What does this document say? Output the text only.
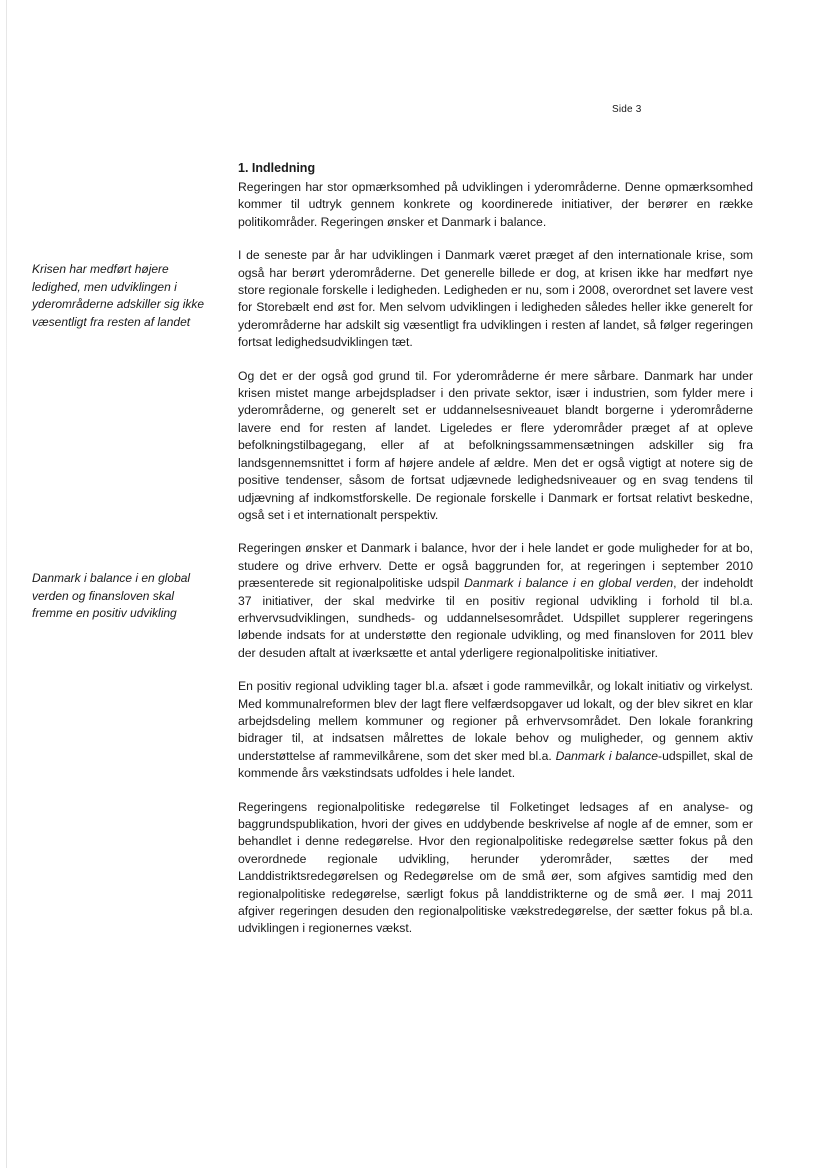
Side 3
Krisen har medført højere ledighed, men udviklingen i yderområderne adskiller sig ikke væsentligt fra resten af landet
Danmark i balance i en global verden og finansloven skal fremme en positiv udvikling
1. Indledning

Regeringen har stor opmærksomhed på udviklingen i yderområderne. Denne opmærksomhed kommer til udtryk gennem konkrete og koordinerede initiativer, der berører en række politikområder. Regeringen ønsker et Danmark i balance.

I de seneste par år har udviklingen i Danmark været præget af den internationale krise, som også har berørt yderområderne. Det generelle billede er dog, at krisen ikke har medført nye store regionale forskelle i ledigheden. Ledigheden er nu, som i 2008, overordnet set lavere vest for Storebælt end øst for. Men selvom udviklingen i ledigheden således heller ikke generelt for yderområderne har adskilt sig væsentligt fra udviklingen i resten af landet, så følger regeringen fortsat ledighedsudviklingen tæt.

Og det er der også god grund til. For yderområderne ér mere sårbare. Danmark har under krisen mistet mange arbejdspladser i den private sektor, især i industrien, som fylder mere i yderområderne, og generelt set er uddannelsesniveauet blandt borgerne i yderområderne lavere end for resten af landet. Ligeledes er flere yderområder præget af at opleve befolkningstilbagegang, eller af at befolkningssammensætningen adskiller sig fra landsgennemsnittet i form af højere andele af ældre. Men det er også vigtigt at notere sig de positive tendenser, såsom de fortsat udjævnede ledighedsniveauer og en svag tendens til udjævning af indkomstforskelle. De regionale forskelle i Danmark er fortsat relativt beskedne, også set i et internationalt perspektiv.

Regeringen ønsker et Danmark i balance, hvor der i hele landet er gode muligheder for at bo, studere og drive erhverv. Dette er også baggrunden for, at regeringen i september 2010 præsenterede sit regionalpolitiske udspil Danmark i balance i en global verden, der indeholdt 37 initiativer, der skal medvirke til en positiv regional udvikling i forhold til bl.a. erhvervsudviklingen, sundheds- og uddannelsesområdet. Udspillet supplerer regeringens løbende indsats for at understøtte den regionale udvikling, og med finansloven for 2011 blev der desuden aftalt at iværksætte et antal yderligere regionalpolitiske initiativer.

En positiv regional udvikling tager bl.a. afsæt i gode rammevilkår, og lokalt initiativ og virkelyst. Med kommunalreformen blev der lagt flere velfærdsopgaver ud lokalt, og der blev sikret en klar arbejdsdeling mellem kommuner og regioner på erhvervsområdet. Den lokale forankring bidrager til, at indsatsen målrettes de lokale behov og muligheder, og gennem aktiv understøttelse af rammevilkårene, som det sker med bl.a. Danmark i balance-udspillet, skal de kommende års vækstindsats udfoldes i hele landet.

Regeringens regionalpolitiske redegørelse til Folketinget ledsages af en analyse- og baggrundspublikation, hvori der gives en uddybende beskrivelse af nogle af de emner, som er behandlet i denne redegørelse. Hvor den regionalpolitiske redegørelse sætter fokus på den overordnede regionale udvikling, herunder yderområder, sættes der med Landdistriktsredegørelsen og Redegørelse om de små øer, som afgives samtidig med den regionalpolitiske redegørelse, særligt fokus på landdistrikterne og de små øer. I maj 2011 afgiver regeringen desuden den regionalpolitiske vækstredegørelse, der sætter fokus på bl.a. udviklingen i regionernes vækst.
